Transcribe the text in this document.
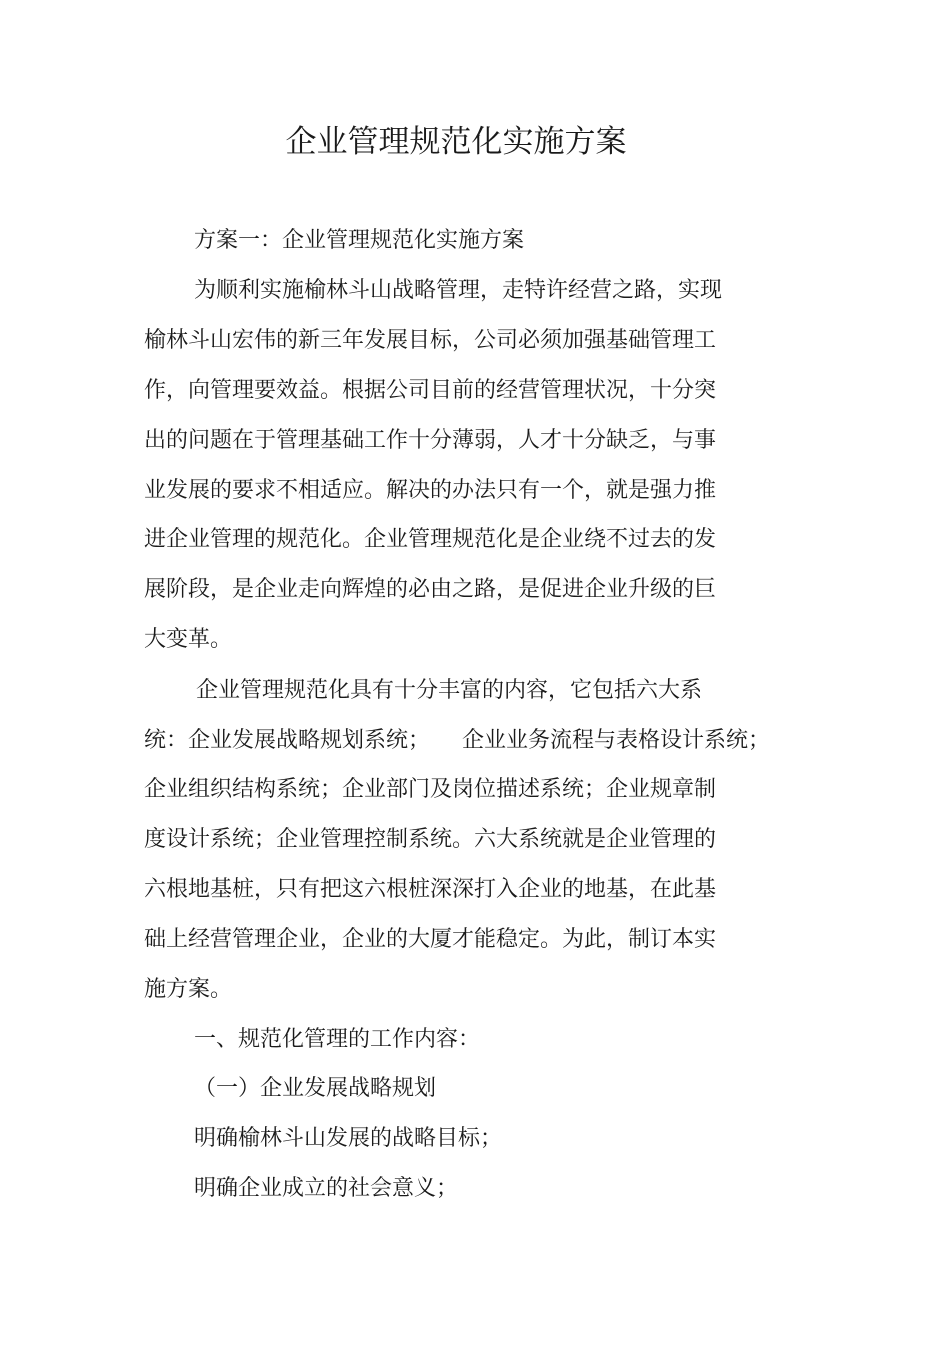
企业管理规范化实施方案
方案一：企业管理规范化实施方案
为顺利实施榆林斗山战略管理，走特许经营之路，实现
榆林斗山宏伟的新三年发展目标，公司必须加强基础管理工
作，向管理要效益。根据公司目前的经营管理状况，十分突
出的问题在于管理基础工作十分薄弱，人才十分缺乏，与事
业发展的要求不相适应。解决的办法只有一个，就是强力推
进企业管理的规范化。企业管理规范化是企业绕不过去的发
展阶段，是企业走向辉煌的必由之路，是促进企业升级的巨
大变革。
企业管理规范化具有十分丰富的内容，它包括六大系
统：企业发展战略规划系统； 企业业务流程与表格设计系统；
企业组织结构系统；企业部门及岗位描述系统；企业规章制
度设计系统；企业管理控制系统。六大系统就是企业管理的
六根地基桩，只有把这六根桩深深打入企业的地基，在此基
础上经营管理企业，企业的大厦才能稳定。为此，制订本实
施方案。
一、规范化管理的工作内容：
（一）企业发展战略规划
明确榆林斗山发展的战略目标；
明确企业成立的社会意义；
